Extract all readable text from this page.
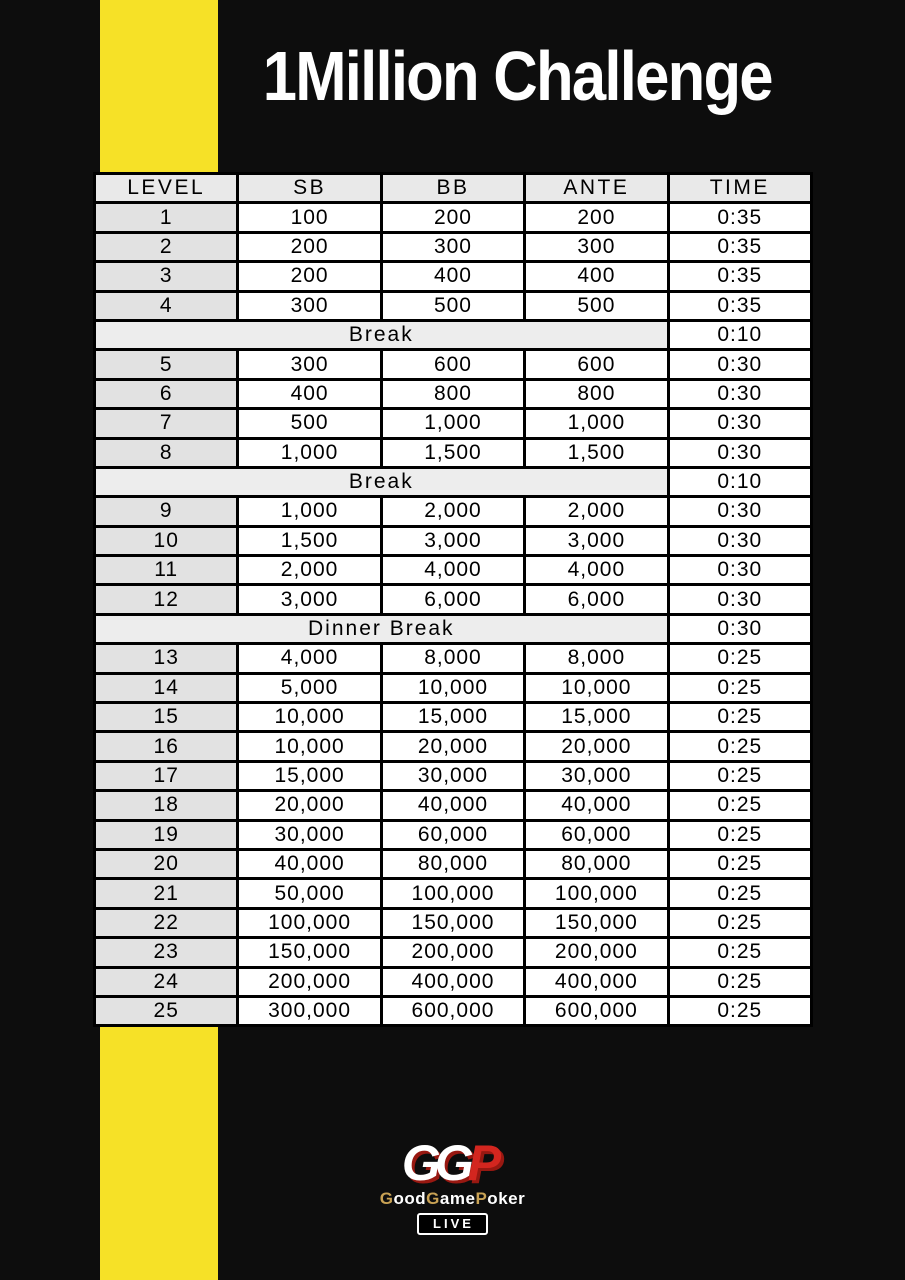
1Million Challenge
LEVEL	SB	BB	ANTE	TIME
1	100	200	200	0:35
2	200	300	300	0:35
3	200	400	400	0:35
4	300	500	500	0:35
Break				0:10
5	300	600	600	0:30
6	400	800	800	0:30
7	500	1,000	1,000	0:30
8	1,000	1,500	1,500	0:30
Break				0:10
9	1,000	2,000	2,000	0:30
10	1,500	3,000	3,000	0:30
11	2,000	4,000	4,000	0:30
12	3,000	6,000	6,000	0:30
Dinner Break				0:30
13	4,000	8,000	8,000	0:25
14	5,000	10,000	10,000	0:25
15	10,000	15,000	15,000	0:25
16	10,000	20,000	20,000	0:25
17	15,000	30,000	30,000	0:25
18	20,000	40,000	40,000	0:25
19	30,000	60,000	60,000	0:25
20	40,000	80,000	80,000	0:25
21	50,000	100,000	100,000	0:25
22	100,000	150,000	150,000	0:25
23	150,000	200,000	200,000	0:25
24	200,000	400,000	400,000	0:25
25	300,000	600,000	600,000	0:25
GGP
GoodGamePoker
LIVE
